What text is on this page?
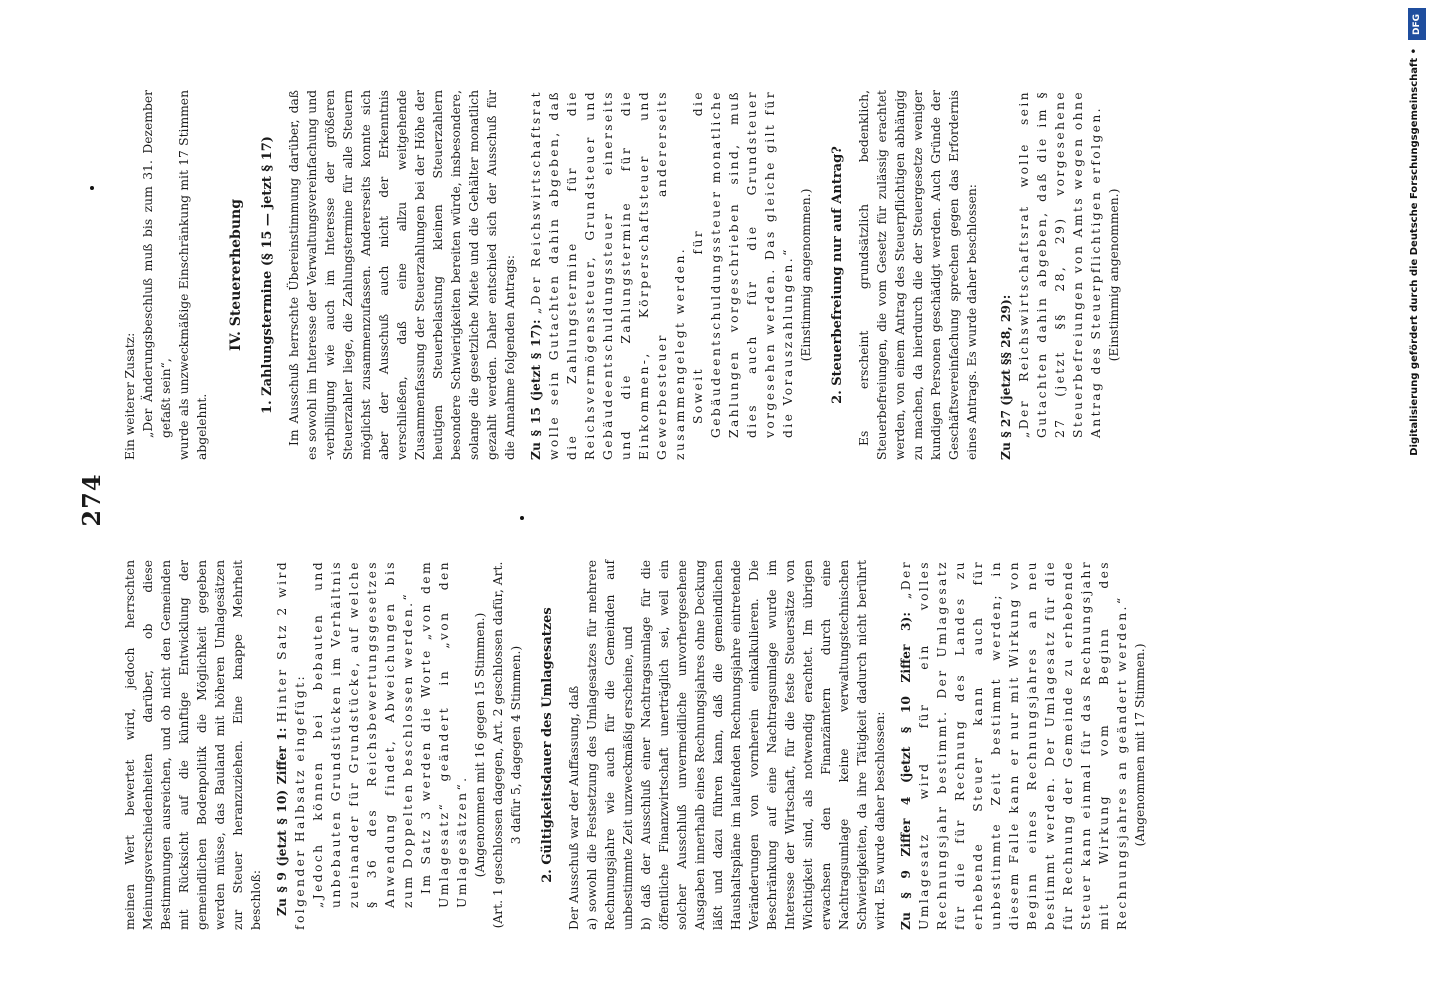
274

meinen Wert bewertet wird, jedoch herrschten Meinungsverschiedenheiten darüber, ob diese Bestimmungen ausreichen, und ob nicht den Gemeinden mit Rücksicht auf die künftige Entwicklung der gemeindlichen Bodenpolitik die Möglichkeit gegeben werden müsse, das Bauland mit höheren Umlagesätzen zur Steuer heranzuziehen. Eine knappe Mehrheit beschloß: Zu § 9 (jetzt § 10) Ziffer 1: Hinter Satz 2 wird folgender Halbsatz eingefügt: „Jedoch können bei bebauten und unbebauten Grundstücken im Verhältnis zueinander für Grundstücke, auf welche § 36 des Reichsbewertungsgesetzes Anwendung findet, Abweichungen bis zum Doppelten beschlossen werden.“ Im Satz 3 werden die Worte „von dem Umlagesatz“ geändert in „von den Umlagesätzen“. (Angenommen mit 16 gegen 15 Stimmen.) (Art. 1 geschlossen dagegen, Art. 2 geschlossen dafür, Art. 3 dafür 5, dagegen 4 Stimmen.) 2. Gültigkeitsdauer des Umlagesatzes Der Ausschuß war der Auffassung, daß a) sowohl die Festsetzung des Umlagesatzes für mehrere Rechnungsjahre wie auch für die Gemeinden auf unbestimmte Zeit unzweckmäßig erscheine, und b) daß der Ausschluß einer Nachtragsumlage für die öffentliche Finanzwirtschaft unerträglich sei, weil ein solcher Ausschluß unvermeidliche unvorhergesehene Ausgaben innerhalb eines Rechnungsjahres ohne Deckung läßt und dazu führen kann, daß die gemeindlichen Haushaltspläne im laufenden Rechnungsjahre eintretende Veränderungen von vornherein einkalkulieren. Die Beschränkung auf eine Nachtragsumlage wurde im Interesse der Wirtschaft, für die feste Steuersätze von Wichtigkeit sind, als notwendig erachtet. Im übrigen erwachsen den Finanzämtern durch eine Nachtragsumlage keine verwaltungstechnischen Schwierigkeiten, da ihre Tätigkeit dadurch nicht berührt wird. Es wurde daher beschlossen: Zu § 9 Ziffer 4 (jetzt § 10 Ziffer 3): „Der Umlagesatz wird für ein volles Rechnungsjahr bestimmt. Der Umlagesatz für die für Rechnung des Landes zu erhebende Steuer kann auch für unbestimmte Zeit bestimmt werden; in diesem Falle kann er nur mit Wirkung von Beginn eines Rechnungsjahres an neu bestimmt werden. Der Umlagesatz für die für Rechnung der Gemeinde zu erhebende Steuer kann einmal für das Rechnungsjahr mit Wirkung vom Beginn des Rechnungsjahres an geändert werden.“ (Angenommen mit 17 Stimmen.)

Ein weiterer Zusatz: „Der Änderungsbeschluß muß bis zum 31. Dezember gefaßt sein“, wurde als unzweckmäßige Einschränkung mit 17 Stimmen abgelehnt.

IV. Steuererhebung 1. Zahlungstermine (§ 15 — jetzt § 17) Im Ausschuß herrschte Übereinstimmung darüber, daß es sowohl im Interesse der Verwaltungsvereinfachung und -verbilligung wie auch im Interesse der größeren Steuerzahler liege, die Zahlungstermine für alle Steuern möglichst zusammenzufassen. Andererseits konnte sich aber der Ausschuß auch nicht der Erkenntnis verschließen, daß eine allzu weitgehende Zusammenfassung der Steuerzahlungen bei der Höhe der heutigen Steuerbelastung kleinen Steuerzahlern besondere Schwierigkeiten bereiten würde, insbesondere, solange die gesetzliche Miete und die Gehälter monatlich gezahlt werden. Daher entschied sich der Ausschuß für die Annahme folgenden Antrags: Zu § 15 (jetzt § 17): „Der Reichswirtschaftsrat wolle sein Gutachten dahin abgeben, daß die Zahlungstermine für die Reichsvermögenssteuer, Grundsteuer und Gebäudeentschuldungssteuer einerseits und die Zahlungstermine für die Einkommen-, Körperschaftsteuer und Gewerbesteuer andererseits zusammengelegt werden. Soweit für die Gebäudeentschuldungssteuer monatliche Zahlungen vorgeschrieben sind, muß dies auch für die Grundsteuer vorgesehen werden. Das gleiche gilt für die Vorauszahlungen.“ (Einstimmig angenommen.) 2. Steuerbefreiung nur auf Antrag? Es erscheint grundsätzlich bedenklich, Steuerbefreiungen, die vom Gesetz für zulässig erachtet werden, von einem Antrag des Steuerpflichtigen abhängig zu machen, da hierdurch die der Steuergesetze weniger kundigen Personen geschädigt werden. Auch Gründe der Geschäftsvereinfachung sprechen gegen das Erfordernis eines Antrags. Es wurde daher beschlossen: Zu § 27 (jetzt §§ 28, 29): „Der Reichswirtschaftsrat wolle sein Gutachten dahin abgeben, daß die im § 27 (jetzt §§ 28, 29) vorgesehene Steuerbefreiungen von Amts wegen ohne Antrag des Steuerpflichtigen erfolgen. (Einstimmig angenommen.)

DFG
Digitalisierung gefördert durch die Deutsche Forschungsgemeinschaft •
